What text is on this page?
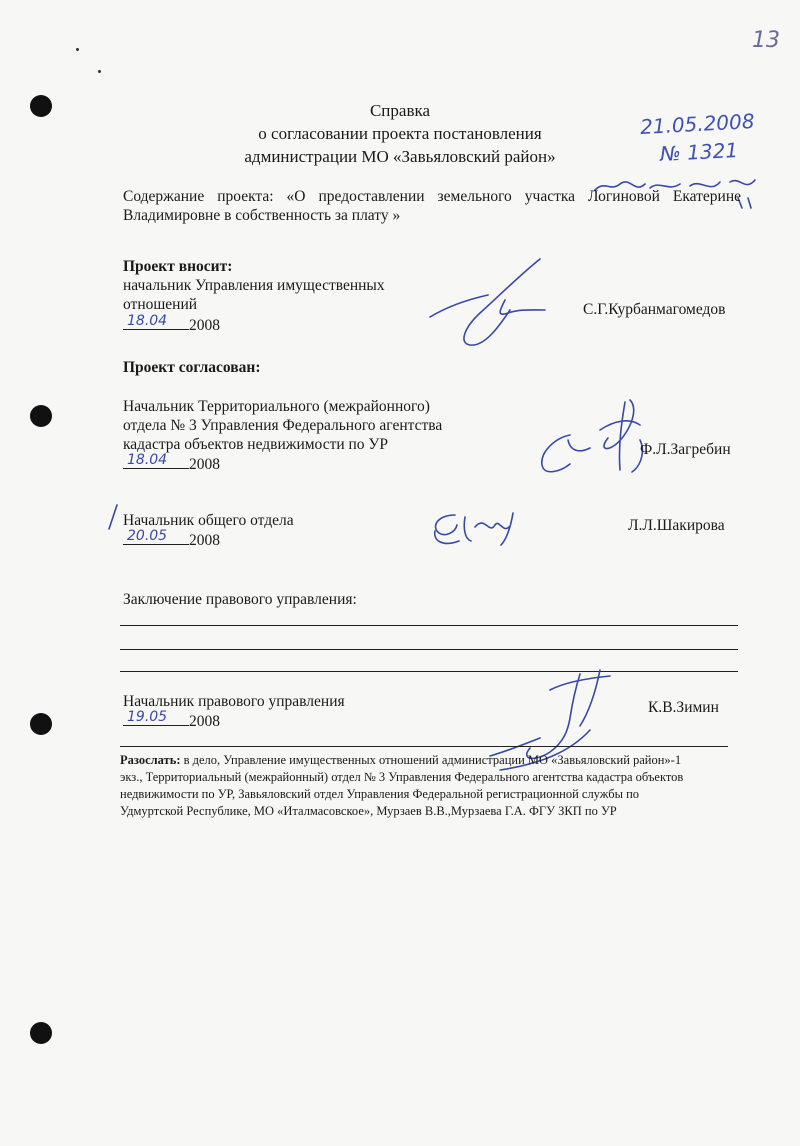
13
Справка
о согласовании проекта постановления
администрации МО «Завьяловский район»
21.05.2008
№ 1321
Содержание проекта: «О предоставлении земельного участка Логиновой Екатерине
Владимировне в собственность за плату »
Проект вносит:
начальник Управления имущественных
отношений
18.04 2008
С.Г.Курбанмагомедов
Проект согласован:
Начальник Территориального (межрайонного)
отдела № 3 Управления Федерального агентства
кадастра объектов недвижимости по УР
18.04 2008
Ф.Л.Загребин
Начальник общего отдела
20.05 2008
Л.Л.Шакирова
Заключение правового управления:
Начальник правового управления
19.05 2008
К.В.Зимин
Разослать: в дело, Управление имущественных отношений администрации МО «Завьяловский район»-1
экз., Территориальный (межрайонный) отдел № 3 Управления Федерального агентства кадастра объектов
недвижимости по УР, Завьяловский отдел Управления Федеральной регистрационной службы по
Удмуртской Республике, МО «Италмасовское», Мурзаев В.В.,Мурзаева Г.А. ФГУ ЗКП по УР
